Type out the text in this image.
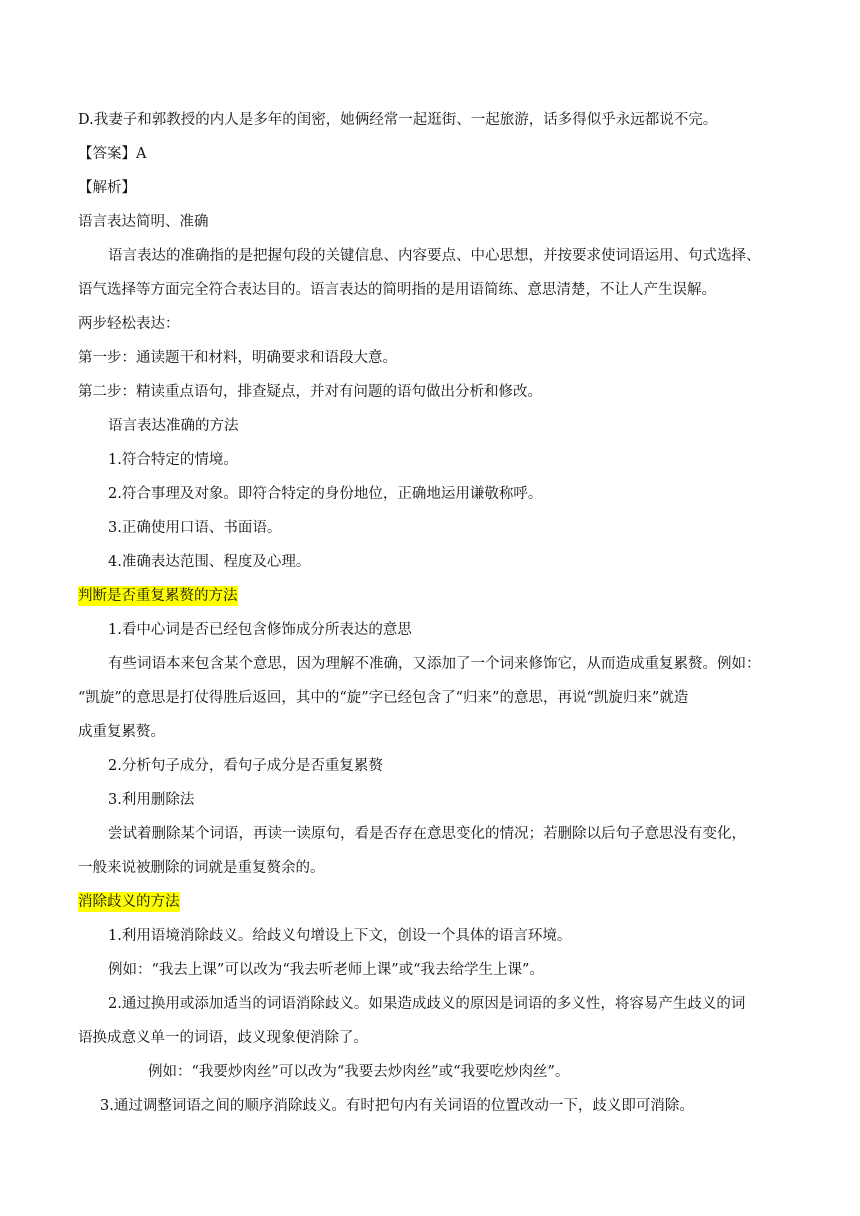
D.我妻子和郭教授的内人是多年的闺密，她俩经常一起逛街、一起旅游，话多得似乎永远都说不完。
【答案】A
【解析】
语言表达简明、准确
语言表达的准确指的是把握句段的关键信息、内容要点、中心思想，并按要求使词语运用、句式选择、
语气选择等方面完全符合表达目的。语言表达的简明指的是用语简练、意思清楚，不让人产生误解。
两步轻松表达：
第一步：通读题干和材料，明确要求和语段大意。
第二步：精读重点语句，排查疑点，并对有问题的语句做出分析和修改。
语言表达准确的方法
1.符合特定的情境。
2.符合事理及对象。即符合特定的身份地位，正确地运用谦敬称呼。
3.正确使用口语、书面语。
4.准确表达范围、程度及心理。
判断是否重复累赘的方法
1.看中心词是否已经包含修饰成分所表达的意思
有些词语本来包含某个意思，因为理解不准确，又添加了一个词来修饰它，从而造成重复累赘。例如：
“凯旋”的意思是打仗得胜后返回，其中的“旋”字已经包含了“归来”的意思，再说“凯旋归来”就造
成重复累赘。
2.分析句子成分，看句子成分是否重复累赘
3.利用删除法
尝试着删除某个词语，再读一读原句，看是否存在意思变化的情况；若删除以后句子意思没有变化，
一般来说被删除的词就是重复赘余的。
消除歧义的方法
1.利用语境消除歧义。给歧义句增设上下文，创设一个具体的语言环境。
例如：“我去上课”可以改为“我去听老师上课”或“我去给学生上课”。
2.通过换用或添加适当的词语消除歧义。如果造成歧义的原因是词语的多义性，将容易产生歧义的词
语换成意义单一的词语，歧义现象便消除了。
例如：“我要炒肉丝”可以改为“我要去炒肉丝”或“我要吃炒肉丝”。
3.通过调整词语之间的顺序消除歧义。有时把句内有关词语的位置改动一下，歧义即可消除。
